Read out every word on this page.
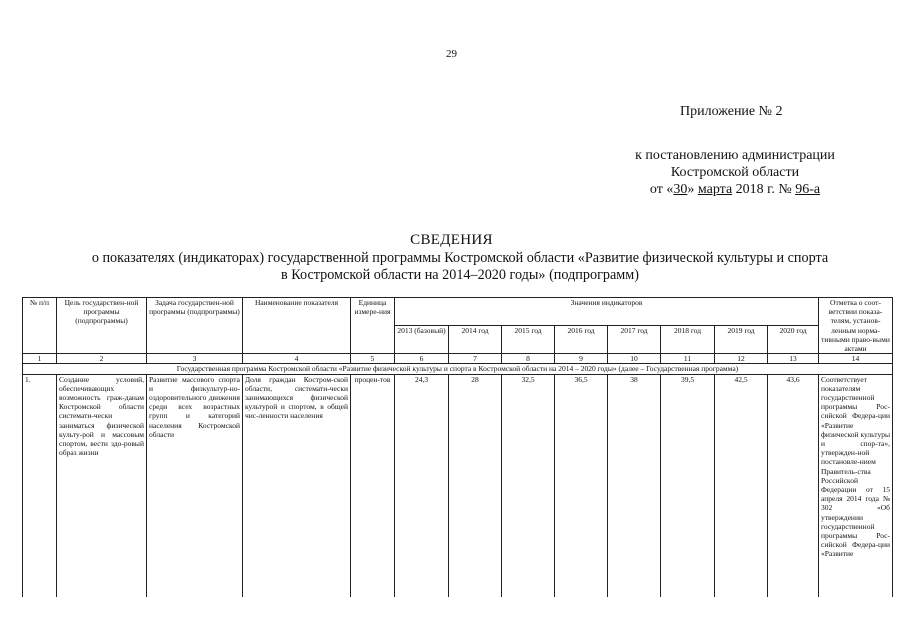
29
Приложение № 2
к постановлению администрации
Костромской области
от «30» марта 2018 г. № 96-а
СВЕДЕНИЯ
о показателях (индикаторах) государственной программы Костромской области «Развитие физической культуры и спорта
в Костромской области на 2014–2020 годы» (подпрограмм)
№ п/п	Цель государствен-ной программы (подпрограммы)	Задача государствен-ной программы (подпрограммы)	Наименование показателя	Единица измере-ния	Значения индикаторов								Отметка о соот-ветствии показа-телям, установ-ленным норма-тивными право-выми актами
					2013 (базовый)	2014 год	2015 год	2016 год	2017 год	2018 год	2019 год	2020 год	
1	2	3	4	5	6	7	8	9	10	11	12	13	14
Государственная программа Костромской области «Развитие физической культуры и спорта в Костромской области на 2014 – 2020 годы» (далее – Государственная программа)													
1.	Создание условий, обеспечивающих возможность граж-данам Костромской области системати-чески заниматься физической культу-рой и массовым спортом, вести здо-ровый образ жизни	Развитие массового спорта и физкультур-но-оздоровительного движения среди всех возрастных групп и категорий населения Костромской области	Доля граждан Костром-ской области, системати-чески занимающихся физической культурой и спортом, в общей чис-ленности населения	процен-тов	24,3	28	32,5	36,5	38	39,5	42,5	43,6	Соответствует показателям государственной программы Рос-сийской Федера-ции «Развитие физической культуры и спор-та», утвержден-ной постановле-нием Правитель-ства Российской Федерации от 15 апреля 2014 года № 302 «Об утверждении государственной программы Рос-сийской Федера-ции «Развитие
